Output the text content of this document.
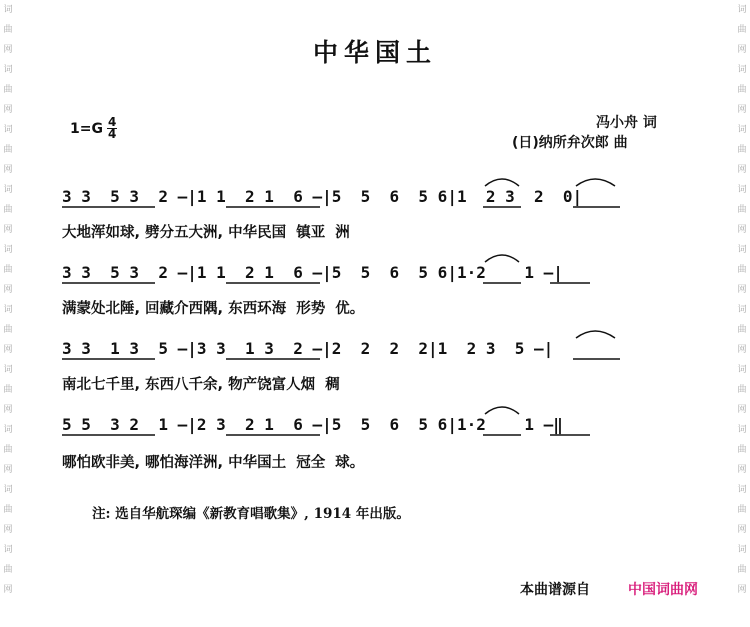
词
曲
网
词
曲
网
词
曲
网
词
曲
网
词
曲
网
词
曲
网
词
曲
网
词
曲
网
词
曲
网
词
曲
网
词
曲
网
词
曲
网
词
曲
网
词
曲
网
词
曲
网
词
曲
网
词
曲
网
词
曲
网
词
曲
网
词
曲
网
中华国土
$1=G \frac{4}{4}$	冯小舟 词
(日)纳所弁次郎 曲
3 3  5 3  2 —|1 1  2 1  6 —|5  5  6  5 6|1  2 3  2  0|
大地浑如球, 劈分五大洲, 中华民国  镇亚  洲
3 3  5 3  2 —|1 1  2 1  6 —|5  5  6  5 6|1·2    1 —|
满蒙处北陲, 回藏介西隅, 东西环海  形势  优。
3 3  1 3  5 —|3 3  1 3  2 —|2  2  2  2|1  2 3  5 —|
南北七千里, 东西八千余, 物产饶富人烟  稠
5 5  3 2  1 —|2 3  2 1  6 —|5  5  6  5 6|1·2    1 —‖
哪怕欧非美, 哪怕海洋洲, 中华国土  冠全  球。
注: 选自华航琛编《新教育唱歌集》, 1914 年出版。
本曲谱源自	中国词曲网
